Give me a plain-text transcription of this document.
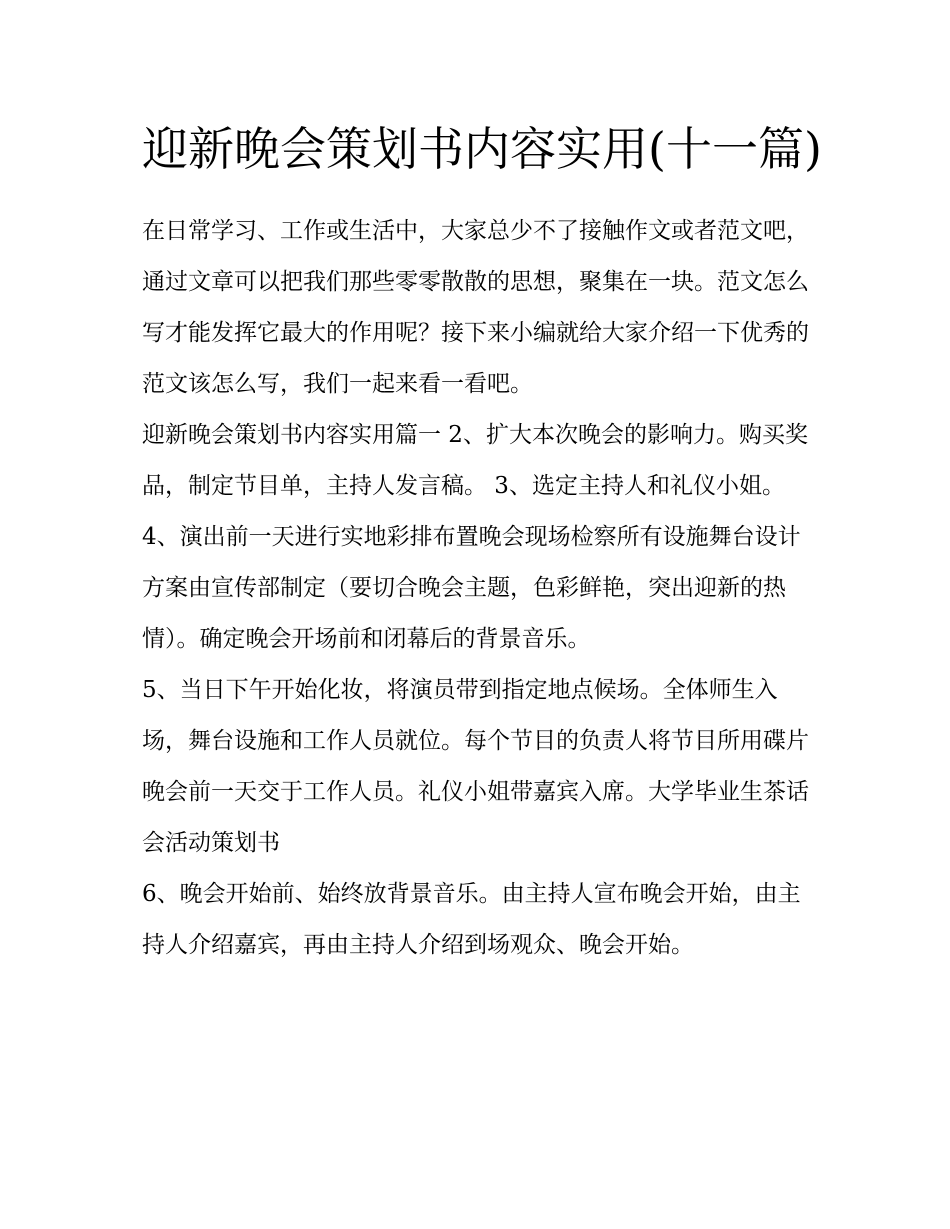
迎新晚会策划书内容实用(十一篇)

在日常学习、工作或生活中，大家总少不了接触作文或者范文吧，通过文章可以把我们那些零零散散的思想，聚集在一块。范文怎么写才能发挥它最大的作用呢？接下来小编就给大家介绍一下优秀的范文该怎么写，我们一起来看一看吧。

迎新晚会策划书内容实用篇一 2、扩大本次晚会的影响力。购买奖品，制定节目单，主持人发言稿。 3、选定主持人和礼仪小姐。

4、演出前一天进行实地彩排布置晚会现场检察所有设施舞台设计方案由宣传部制定（要切合晚会主题，色彩鲜艳，突出迎新的热情）。确定晚会开场前和闭幕后的背景音乐。

5、当日下午开始化妆，将演员带到指定地点候场。全体师生入场，舞台设施和工作人员就位。每个节目的负责人将节目所用碟片晚会前一天交于工作人员。礼仪小姐带嘉宾入席。大学毕业生茶话会活动策划书

6、晚会开始前、始终放背景音乐。由主持人宣布晚会开始，由主持人介绍嘉宾，再由主持人介绍到场观众、晚会开始。
